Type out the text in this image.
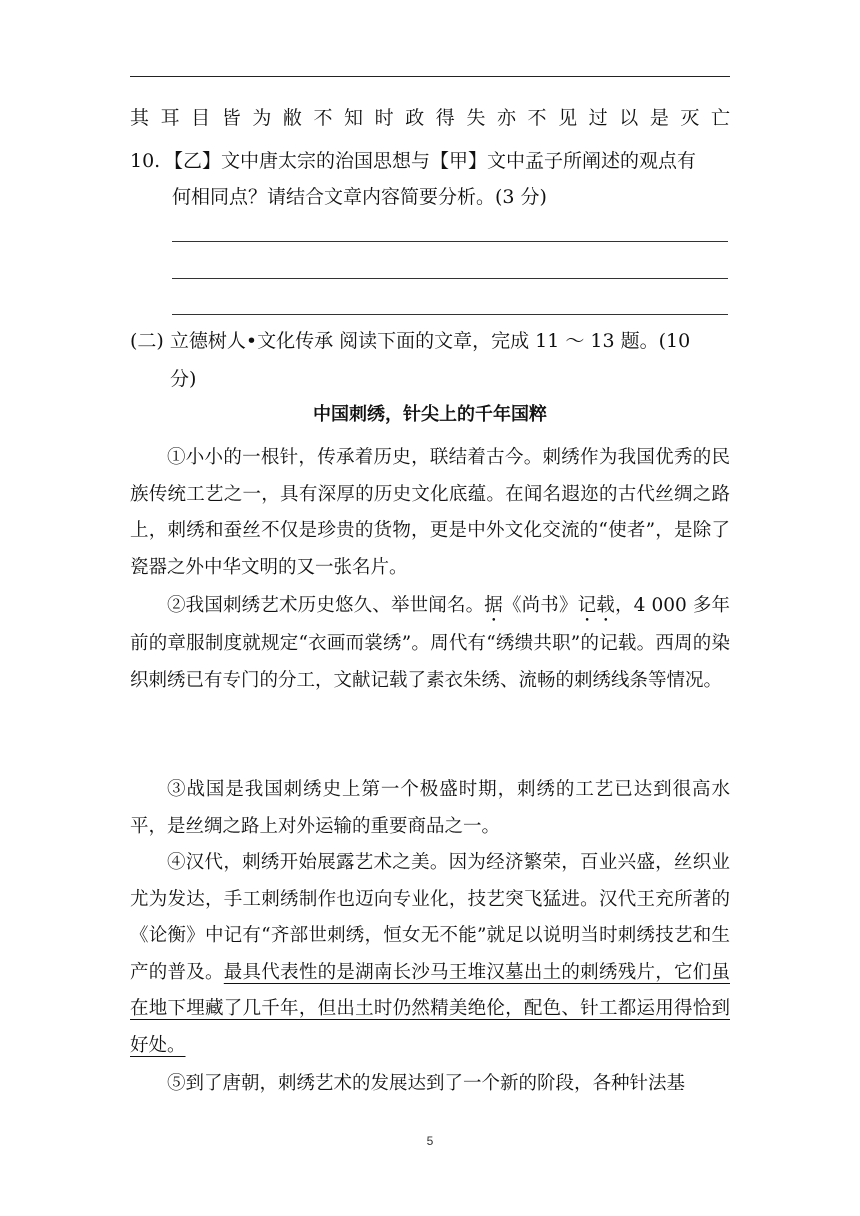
其 耳 目 皆 为 敝 不 知 时 政 得 失 亦 不 见 过 以 是 灭 亡
10. 【乙】文中唐太宗的治国思想与【甲】文中孟子所阐述的观点有
何相同点？请结合文章内容简要分析。(3 分)
(二) 立德树人•文化传承 阅读下面的文章，完成 11 ～ 13 题。(10
分)
中国刺绣，针尖上的千年国粹

①小小的一根针，传承着历史，联结着古今。刺绣作为我国优秀的民族传统工艺之一，具有深厚的历史文化底蕴。在闻名遐迩的古代丝绸之路上，刺绣和蚕丝不仅是珍贵的货物，更是中外文化交流的“使者”，是除了瓷器之外中华文明的又一张名片。

②我国刺绣艺术历史悠久、举世闻名。据《尚书》记载，4 000 多年前的章服制度就规定“衣画而裳绣”。周代有“绣缋共职”的记载。西周的染织刺绣已有专门的分工，文献记载了素衣朱绣、流畅的刺绣线条等情况。

③战国是我国刺绣史上第一个极盛时期，刺绣的工艺已达到很高水平，是丝绸之路上对外运输的重要商品之一。

④汉代，刺绣开始展露艺术之美。因为经济繁荣，百业兴盛，丝织业尤为发达，手工刺绣制作也迈向专业化，技艺突飞猛进。汉代王充所著的《论衡》中记有“齐部世刺绣，恒女无不能”就足以说明当时刺绣技艺和生产的普及。最具代表性的是湖南长沙马王堆汉墓出土的刺绣残片，它们虽在地下埋藏了几千年，但出土时仍然精美绝伦，配色、针工都运用得恰到好处。

⑤到了唐朝，刺绣艺术的发展达到了一个新的阶段，各种针法基

5
